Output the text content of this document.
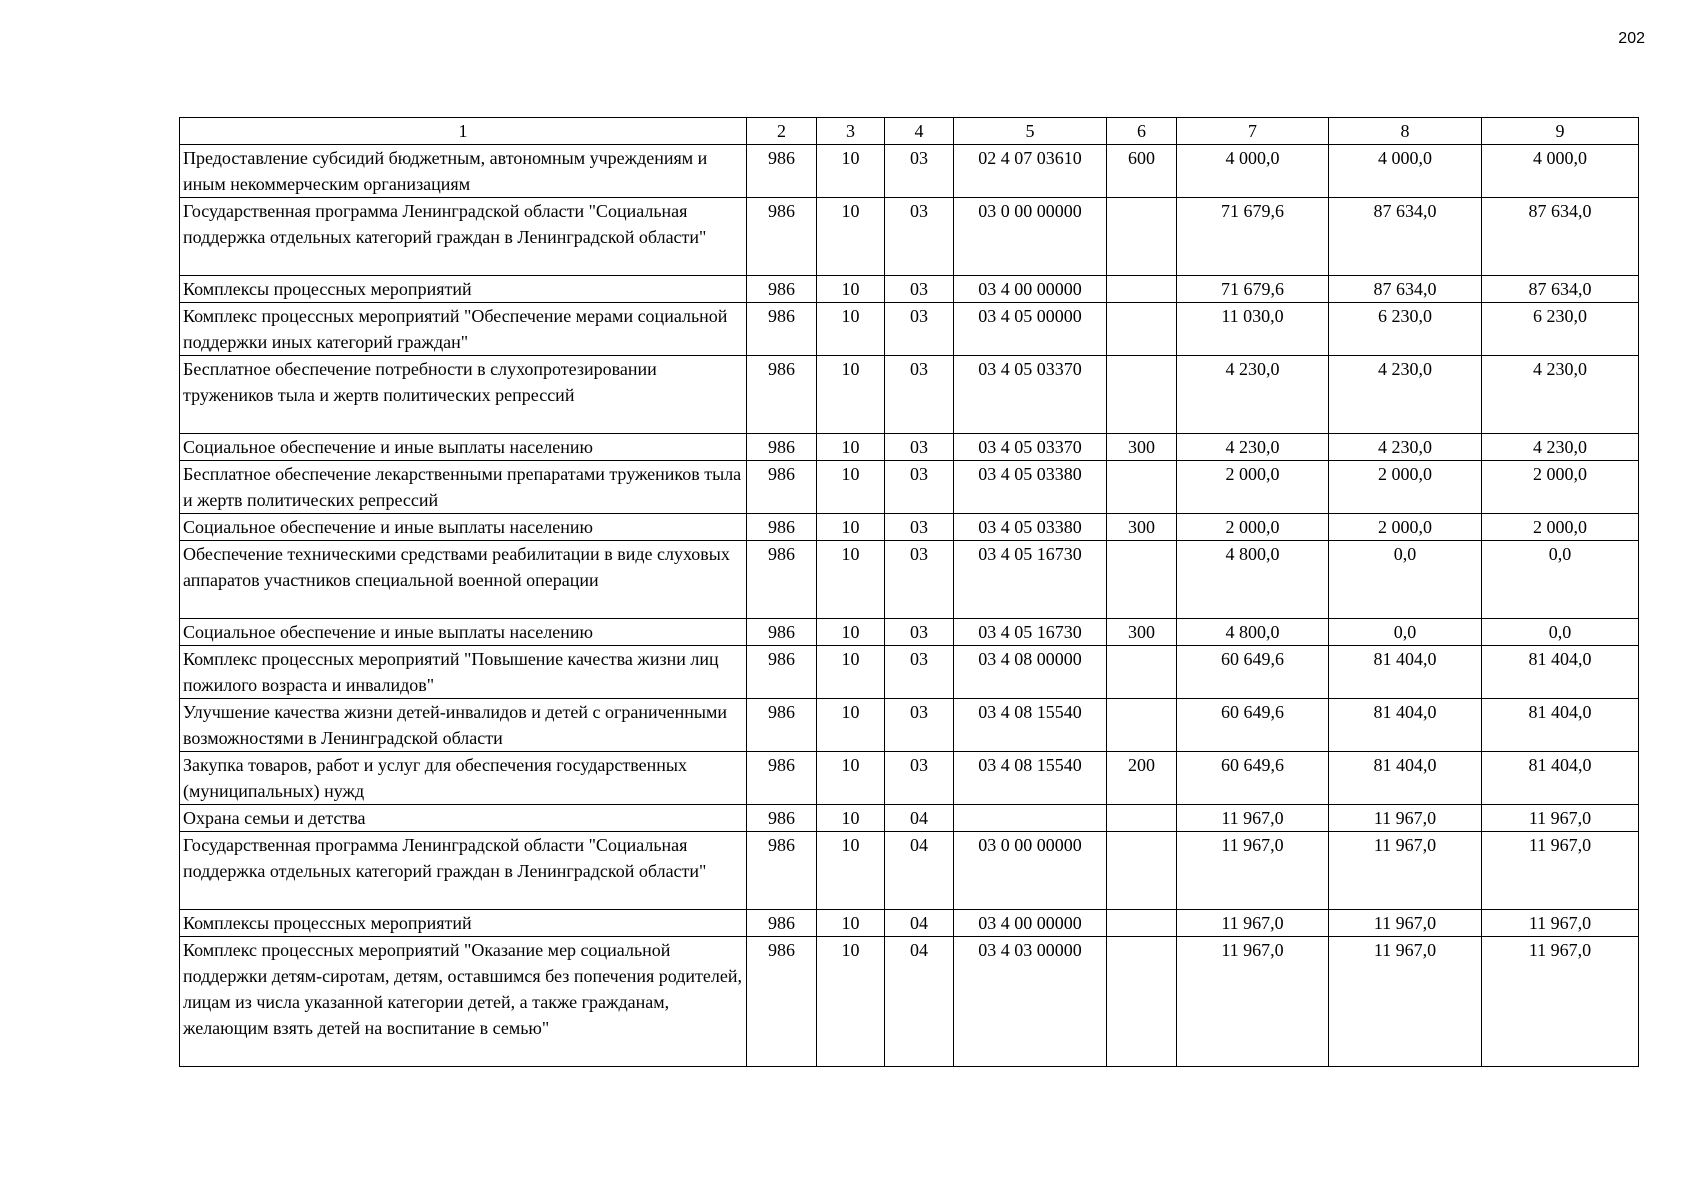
202
1	2	3	4	5	6	7	8	9
Предоставление субсидий бюджетным, автономным учреждениям и иным некоммерческим организациям	986	10	03	02 4 07 03610	600	4 000,0	4 000,0	4 000,0
Государственная программа Ленинградской области "Социальная поддержка отдельных категорий граждан в Ленинградской области"	986	10	03	03 0 00 00000		71 679,6	87 634,0	87 634,0
Комплексы процессных мероприятий	986	10	03	03 4 00 00000		71 679,6	87 634,0	87 634,0
Комплекс процессных мероприятий "Обеспечение мерами социальной поддержки иных категорий граждан"	986	10	03	03 4 05 00000		11 030,0	6 230,0	6 230,0
Бесплатное обеспечение потребности в слухопротезировании тружеников тыла и жертв политических репрессий	986	10	03	03 4 05 03370		4 230,0	4 230,0	4 230,0
Социальное обеспечение и иные выплаты населению	986	10	03	03 4 05 03370	300	4 230,0	4 230,0	4 230,0
Бесплатное обеспечение лекарственными препаратами тружеников тыла и жертв политических репрессий	986	10	03	03 4 05 03380		2 000,0	2 000,0	2 000,0
Социальное обеспечение и иные выплаты населению	986	10	03	03 4 05 03380	300	2 000,0	2 000,0	2 000,0
Обеспечение техническими средствами реабилитации в виде слуховых аппаратов участников специальной военной операции	986	10	03	03 4 05 16730		4 800,0	0,0	0,0
Социальное обеспечение и иные выплаты населению	986	10	03	03 4 05 16730	300	4 800,0	0,0	0,0
Комплекс процессных мероприятий "Повышение качества жизни лиц пожилого возраста и инвалидов"	986	10	03	03 4 08 00000		60 649,6	81 404,0	81 404,0
Улучшение качества жизни детей-инвалидов и детей с ограниченными возможностями в Ленинградской области	986	10	03	03 4 08 15540		60 649,6	81 404,0	81 404,0
Закупка товаров, работ и услуг для обеспечения государственных (муниципальных) нужд	986	10	03	03 4 08 15540	200	60 649,6	81 404,0	81 404,0
Охрана семьи и детства	986	10	04			11 967,0	11 967,0	11 967,0
Государственная программа Ленинградской области "Социальная поддержка отдельных категорий граждан в Ленинградской области"	986	10	04	03 0 00 00000		11 967,0	11 967,0	11 967,0
Комплексы процессных мероприятий	986	10	04	03 4 00 00000		11 967,0	11 967,0	11 967,0
Комплекс процессных мероприятий "Оказание мер социальной поддержки детям-сиротам, детям, оставшимся без попечения родителей, лицам из числа указанной категории детей, а также гражданам, желающим взять детей на воспитание в семью"	986	10	04	03 4 03 00000		11 967,0	11 967,0	11 967,0
